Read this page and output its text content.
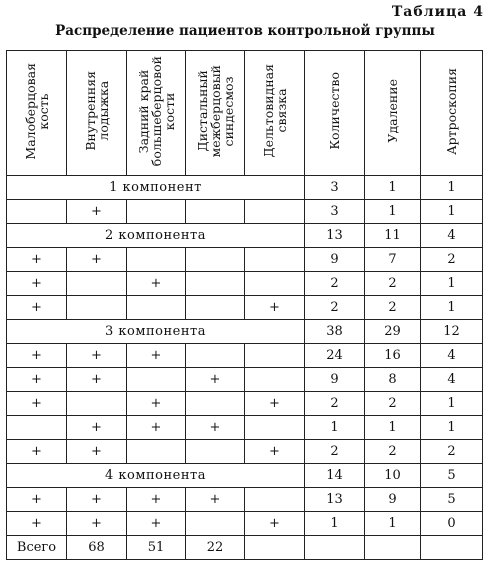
Таблица 4
Распределение пациентов контрольной группы
Малоберцовая
кость	Внутренняя
лодыжка	Задний край
большеберцовой
кости	Дистальный
межберцовый
синдесмоз	Дельтовидная
связка	Количество	Удаление	Артроскопия
1 компонент					3	1	1
	+				3	1	1
2 компонента					13	11	4
+	+				9	7	2
+		+			2	2	1
+				+	2	2	1
3 компонента					38	29	12
+	+	+			24	16	4
+	+		+		9	8	4
+		+		+	2	2	1
	+	+	+		1	1	1
+	+			+	2	2	2
4 компонента					14	10	5
+	+	+	+		13	9	5
+	+	+		+	1	1	0
Всего	68	51	22				
